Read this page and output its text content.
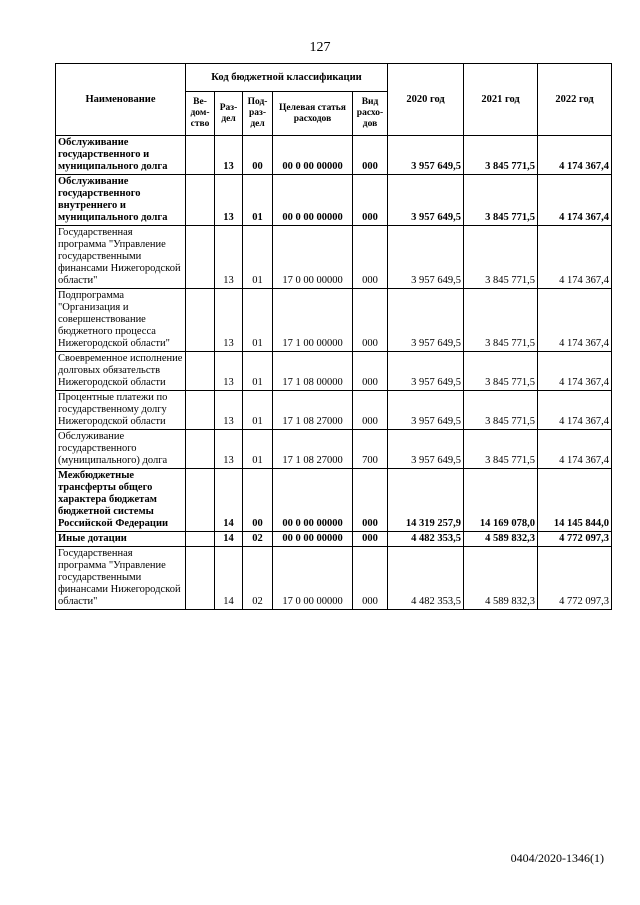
127
Наименование	Код бюджетной классификации					2020 год	2021 год	2022 год
	Ве-дом-ство	Раз-дел	Под-раз-дел	Целевая статья расходов	Вид расхо-дов			
Обслуживание государственного и муниципального долга		13	00	00 0 00 00000	000	3 957 649,5	3 845 771,5	4 174 367,4
Обслуживание государственного внутреннего и муниципального долга		13	01	00 0 00 00000	000	3 957 649,5	3 845 771,5	4 174 367,4
Государственная программа "Управление государственными финансами Нижегородской области"		13	01	17 0 00 00000	000	3 957 649,5	3 845 771,5	4 174 367,4
Подпрограмма "Организация и совершенствование бюджетного процесса Нижегородской области"		13	01	17 1 00 00000	000	3 957 649,5	3 845 771,5	4 174 367,4
Своевременное исполнение долговых обязательств Нижегородской области		13	01	17 1 08 00000	000	3 957 649,5	3 845 771,5	4 174 367,4
Процентные платежи по государственному долгу Нижегородской области		13	01	17 1 08 27000	000	3 957 649,5	3 845 771,5	4 174 367,4
Обслуживание государственного (муниципального) долга		13	01	17 1 08 27000	700	3 957 649,5	3 845 771,5	4 174 367,4
Межбюджетные трансферты общего характера бюджетам бюджетной системы Российской Федерации		14	00	00 0 00 00000	000	14 319 257,9	14 169 078,0	14 145 844,0
Иные дотации		14	02	00 0 00 00000	000	4 482 353,5	4 589 832,3	4 772 097,3
Государственная программа "Управление государственными финансами Нижегородской области"		14	02	17 0 00 00000	000	4 482 353,5	4 589 832,3	4 772 097,3
0404/2020-1346(1)
